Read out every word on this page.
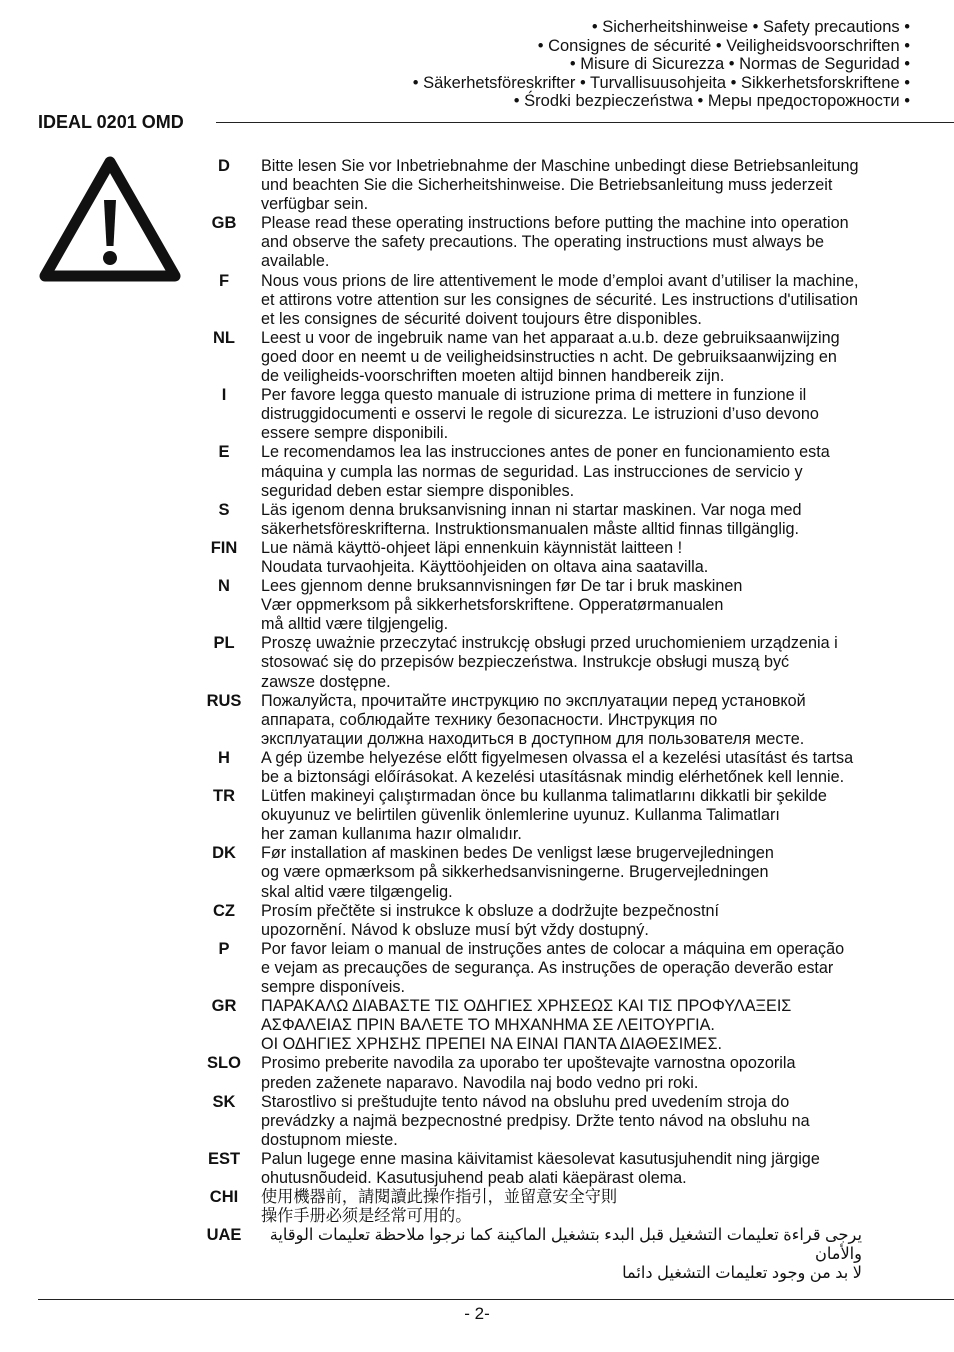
• Sicherheitshinweise • Safety precautions •
• Consignes de sécurité • Veiligheidsvoorschriften •
• Misure di Sicurezza • Normas de Seguridad •
• Säkerhetsföreskrifter • Turvallisuusohjeita • Sikkerhetsforskriftene •
• Środki bezpieczeństwa • Меры предосторожности •
IDEAL 0201 OMD
D	Bitte lesen Sie vor Inbetriebnahme der Maschine unbedingt diese Betriebsanleitung
und beachten Sie die Sicherheitshinweise. Die Betriebsanleitung muss jederzeit
verfügbar sein.
GB	Please read these operating instructions before putting the machine into operation
and observe the safety precautions. The operating instructions must always be
available.
F	Nous vous prions de lire attentivement le mode d’emploi avant d’utiliser la machine,
et attirons votre attention sur les consignes de sécurité. Les instructions d'utilisation
et les consignes de sécurité doivent toujours être disponibles.
NL	Leest u voor de ingebruik name van het apparaat a.u.b. deze gebruiksaanwijzing
goed door en neemt u de veiligheidsinstructies n acht. De gebruiksaanwijzing en
de veiligheids-voorschriften moeten altijd binnen handbereik zijn.
I	Per favore legga questo manuale di istruzione prima di mettere in funzione il
distruggidocumenti e osservi le regole di sicurezza. Le istruzioni d’uso devono
essere sempre disponibili.
E	Le recomendamos lea las instrucciones antes de poner en funcionamiento esta
máquina y cumpla las normas de seguridad. Las instrucciones de servicio y
seguridad deben estar siempre disponibles.
S	Läs igenom denna bruksanvisning innan ni startar maskinen. Var noga med
säkerhetsföreskrifterna. Instruktionsmanualen måste alltid finnas tillgänglig.
FIN	Lue nämä käyttö-ohjeet läpi ennenkuin käynnistät laitteen !
Noudata turvaohjeita. Käyttöohjeiden on oltava aina saatavilla.
N	Lees gjennom denne bruksannvisningen før De tar i bruk maskinen
Vær oppmerksom på sikkerhetsforskriftene. Opperatørmanualen
må alltid være tilgjengelig.
PL	Proszę uważnie przeczytać instrukcję obsługi przed uruchomieniem urządzenia i
stosować się do przepisów bezpieczeństwa. Instrukcje obsługi muszą być
zawsze dostępne.
RUS Пожалуйста, прочитайте инструкцию по эксплуатации перед установкой
аппарата, соблюдайте технику безопасности. Инструкция по
эксплуатации должна находиться в доступном для пользователя месте.
H	A gép üzembe helyezése előtt figyelmesen olvassa el a kezelési utasítást és tartsa
be a biztonsági előírásokat. A kezelési utasításnak mindig elérhetőnek kell lennie.
TR	Lütfen makineyi çalıştırmadan önce bu kullanma talimatlarını dikkatli bir şekilde
okuyunuz ve belirtilen güvenlik önlemlerine uyunuz. Kullanma Talimatları
her zaman kullanıma hazır olmalıdır.
DK	Før installation af maskinen bedes De venligst læse brugervejledningen
og være opmærksom på sikkerhedsanvisningerne. Brugervejledningen
skal altid være tilgængelig.
CZ	Prosím přečtěte si instrukce k obsluze a dodržujte bezpečnostní
upozornění. Návod k obsluze musí být vždy dostupný.
P	Por favor leiam o manual de instruções antes de colocar a máquina em operação
e vejam as precauções de segurança. As instruções de operação deverão estar
sempre disponíveis.
GR	ΠΑΡΑΚΑΛΩ ΔΙΑΒΑΣΤΕ ΤΙΣ ΟΔΗΓΙΕΣ ΧΡΗΣΕΩΣ ΚΑΙ ΤΙΣ ΠΡΟΦΥΛΑΞΕΙΣ
ΑΣΦΑΛΕΙΑΣ ΠΡΙΝ ΒΑΛΕΤΕ ΤΟ ΜΗΧΑΝΗΜΑ ΣΕ ΛΕΙΤΟΥΡΓΙΑ.
ΟΙ ΟΔΗΓΙΕΣ ΧΡΗΣΗΣ ΠΡΕΠΕΙ ΝΑ ΕΙΝΑΙ ΠΑΝΤΑ ΔΙΑΘΕΣΙΜΕΣ.
SLO Prosimo preberite navodila za uporabo ter upoštevajte varnostna opozorila
preden zaženete naparavo. Navodila naj bodo vedno pri roki.
SK	Starostlivo si preštudujte tento návod na obsluhu pred uvedením stroja do
prevádzky a najmä bezpecnostné predpisy. Držte tento návod na obsluhu na
dostupnom mieste.
EST Palun lugege enne masina käivitamist käesolevat kasutusjuhendit ning järgige
ohutusnõudeid. Kasutusjuhend peab alati käepärast olema.
CHI	使用機器前，請閱讀此操作指引，並留意安全守則
操作手册必须是经常可用的。
UAE	يرجى قراءة تعليمات التشغيل قبل البدء بتشغيل الماكينة كما نرجوا ملاحظة تعليمات الوقاية والأمان
لا بد من وجود تعليمات التشغيل دائما
- 2-
